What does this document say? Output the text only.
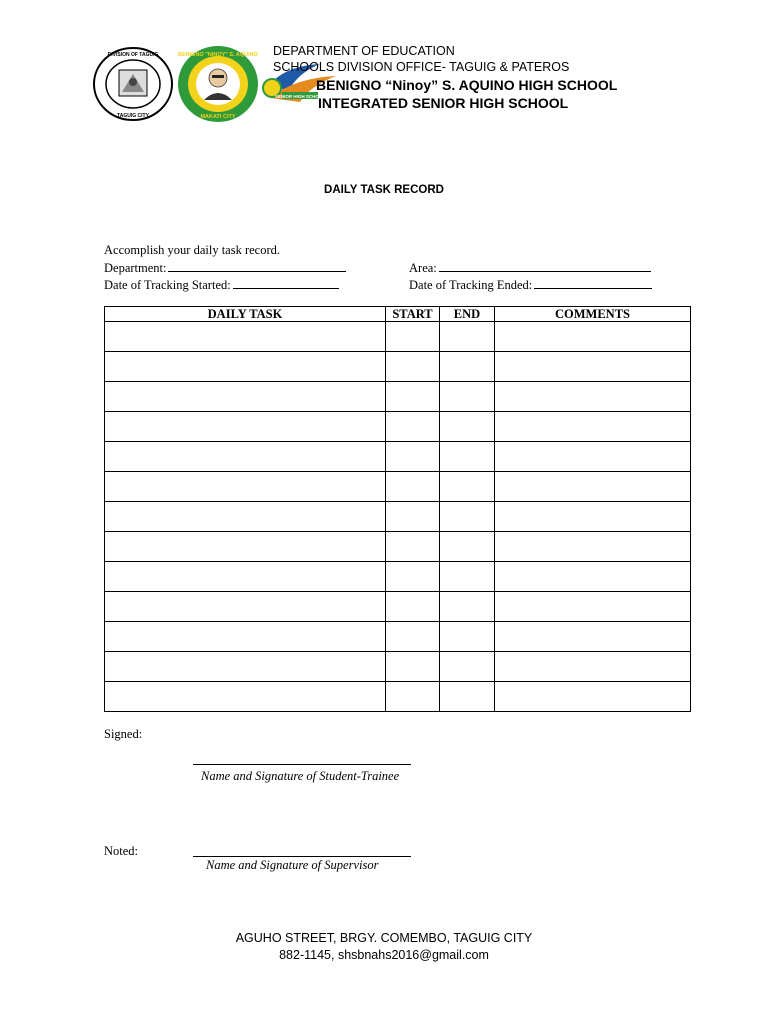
DIVISION OF TAGUIG
TAGUIG CITY
BENIGNO "NINOY" S. AQUINO
MAKATI CITY
SENIOR HIGH SCHOOL
DEPARTMENT OF EDUCATION
SCHOOLS DIVISION OFFICE- TAGUIG & PATEROS
BENIGNO “Ninoy” S. AQUINO HIGH SCHOOL
INTEGRATED SENIOR HIGH SCHOOL
DAILY TASK RECORD
Accomplish your daily task record.
Department:	Area:
Date of Tracking Started:	Date of Tracking Ended:
DAILY TASK	START	END	COMMENTS

Signed:
Name and Signature of Student-Trainee
Noted:
Name and Signature of Supervisor
AGUHO STREET, BRGY. COMEMBO, TAGUIG CITY
882-1145, shsbnahs2016@gmail.com
